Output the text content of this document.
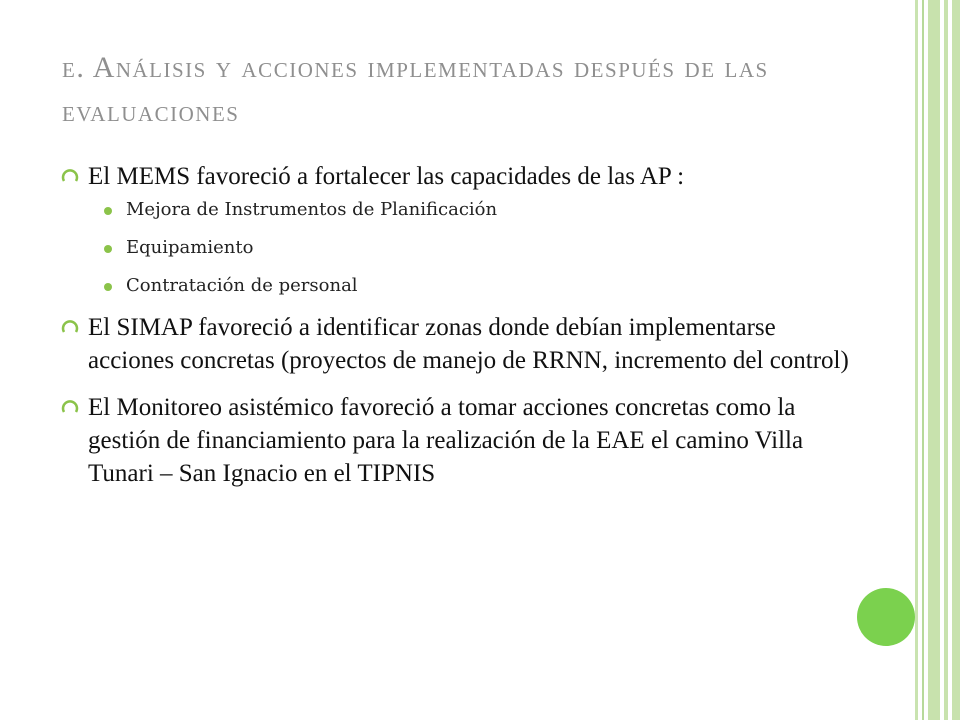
e. Análisis y acciones implementadas después de las evaluaciones
El MEMS favoreció a fortalecer las capacidades de las AP :
Mejora de Instrumentos de Planificación
Equipamiento
Contratación de personal
El SIMAP favoreció a identificar zonas donde debían implementarse acciones concretas (proyectos de manejo de RRNN, incremento del control)
El Monitoreo asistémico favoreció a tomar acciones concretas como la gestión de financiamiento para la realización de la EAE el camino Villa Tunari – San Ignacio en el TIPNIS
